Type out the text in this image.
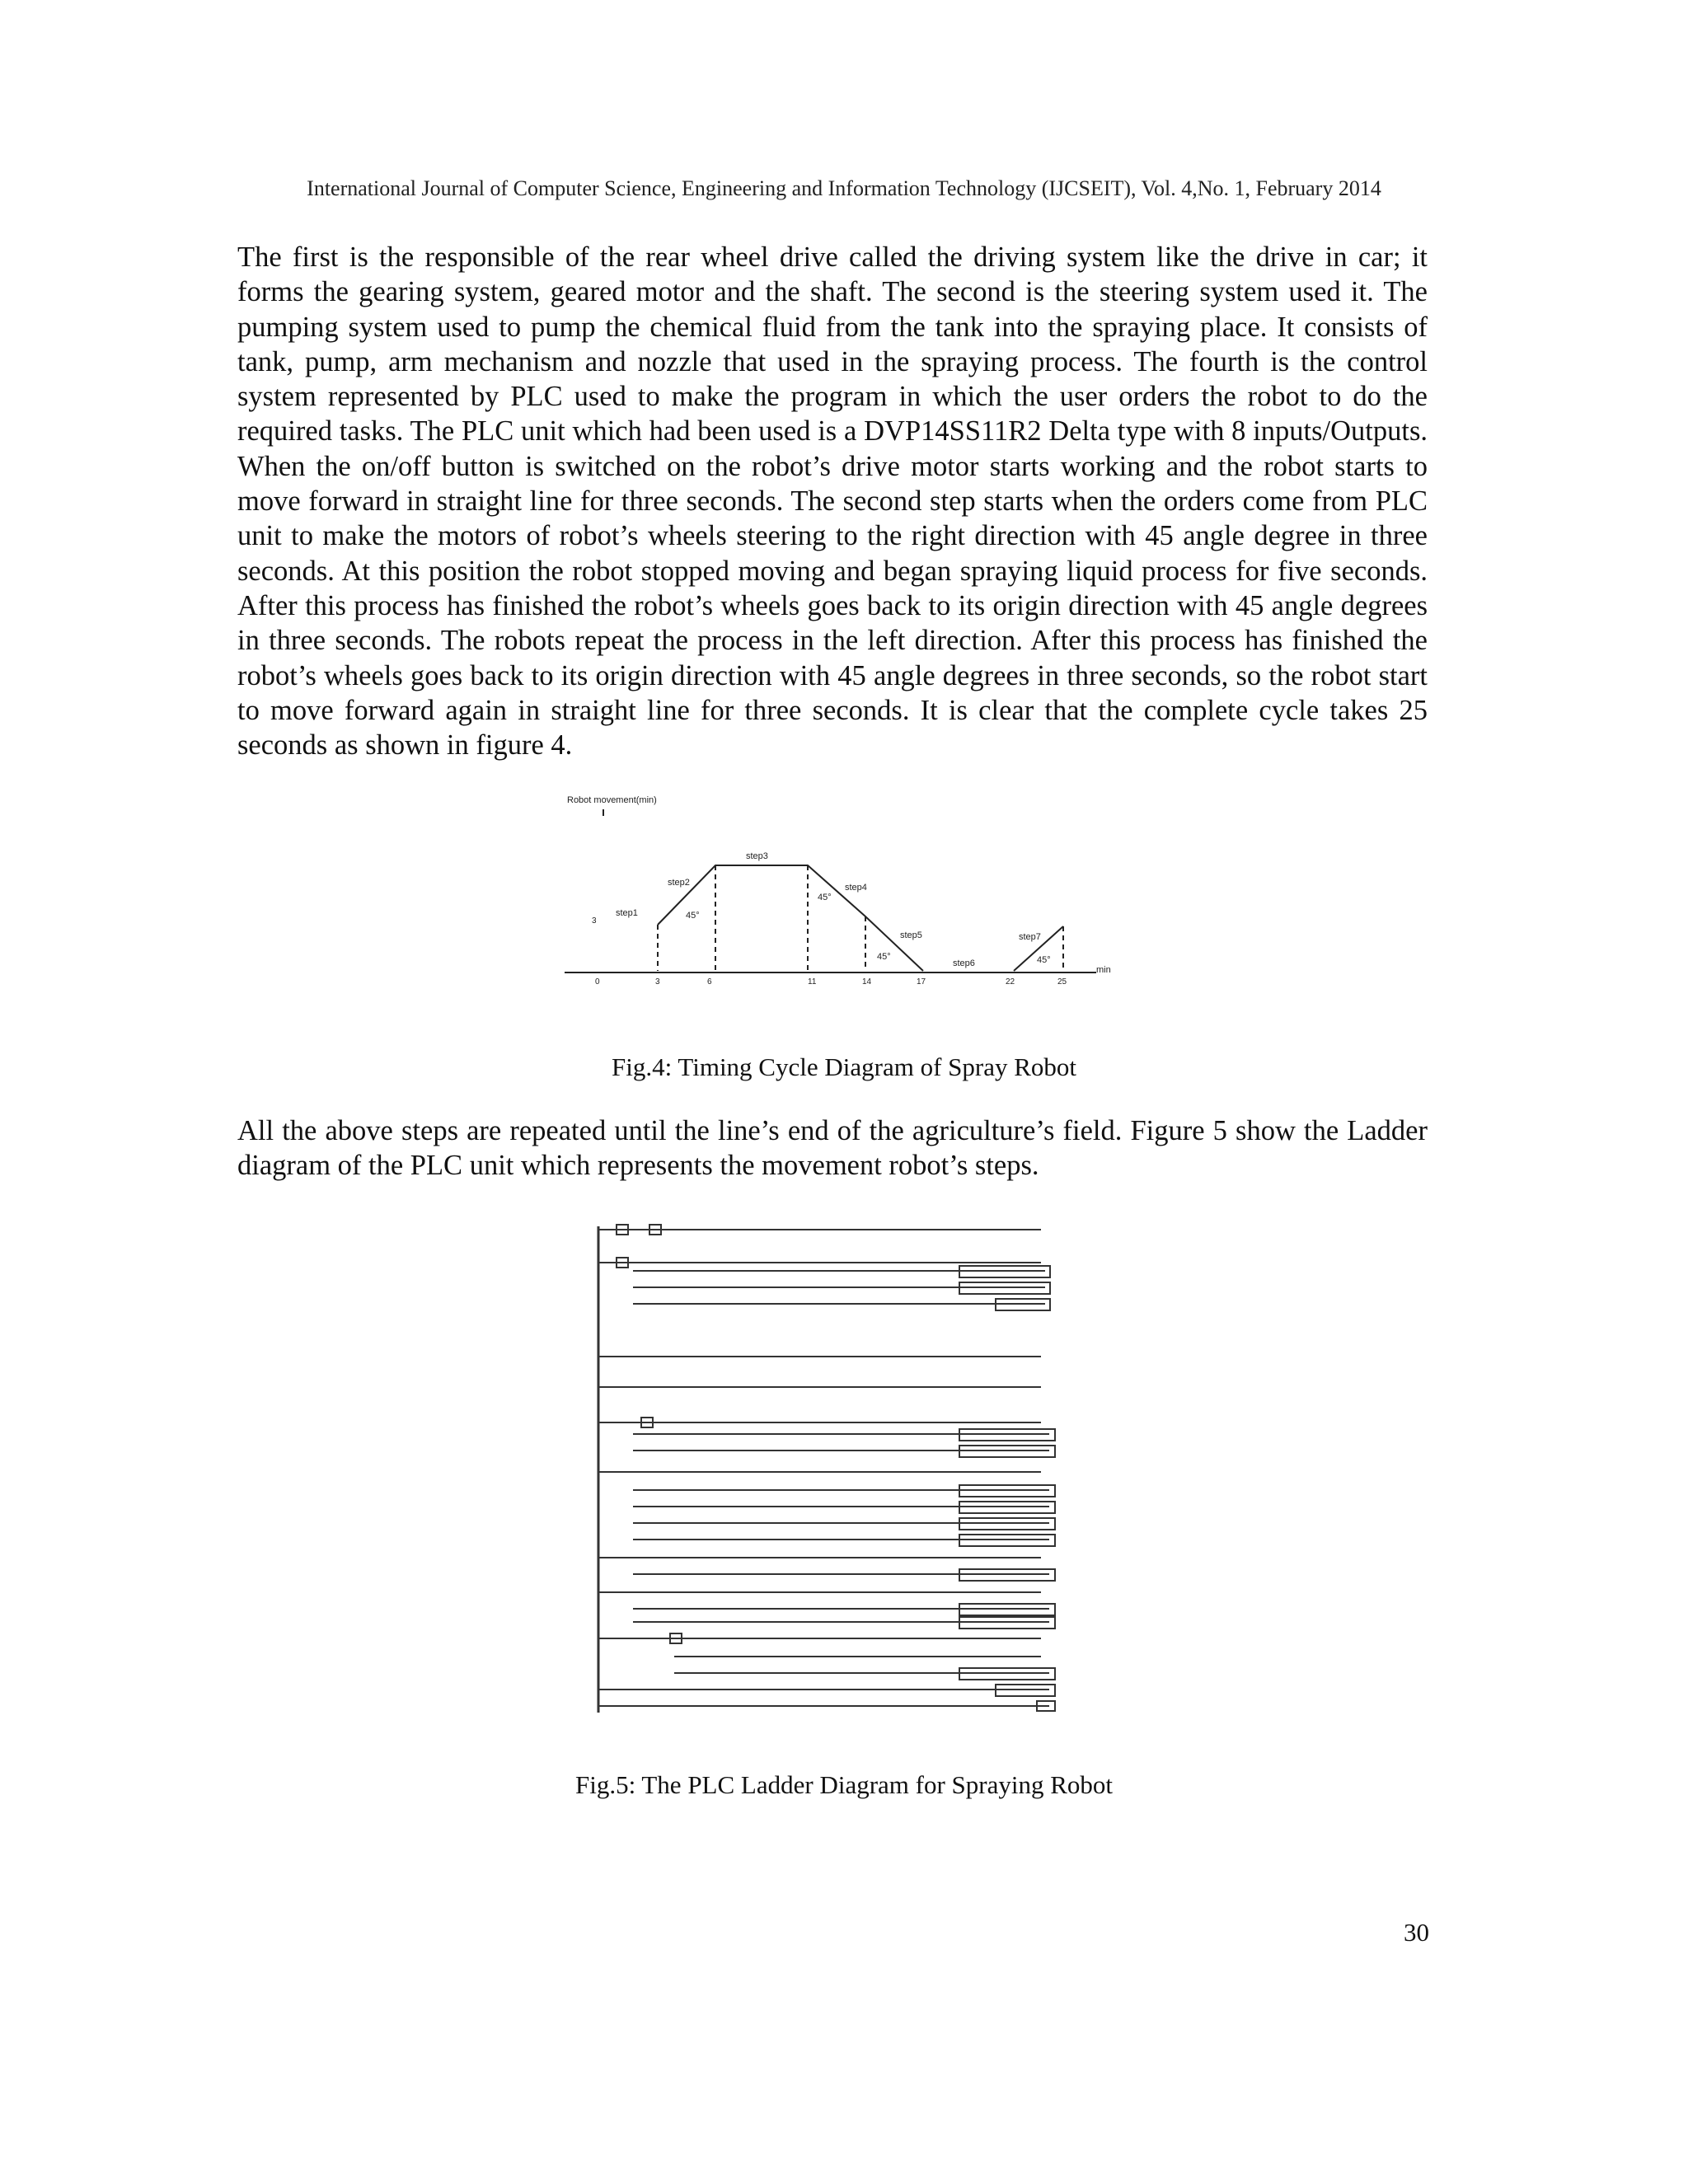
International Journal of Computer Science, Engineering and Information Technology (IJCSEIT), Vol. 4,No. 1, February 2014

The first is the responsible of the rear wheel drive called the driving system like the drive in car; it forms the gearing system, geared motor and the shaft. The second is the steering system used it. The pumping system used to pump the chemical fluid from the tank into the spraying place. It consists of tank, pump, arm mechanism and nozzle that used in the spraying process. The fourth is the control system represented by PLC used to make the program in which the user orders the robot to do the required tasks. The PLC unit which had been used is a DVP14SS11R2 Delta type with 8 inputs/Outputs. When the on/off button is switched on the robot’s drive motor starts working and the robot starts to move forward in straight line for three seconds. The second step starts when the orders come from PLC unit to make the motors of robot’s wheels steering to the right direction with 45 angle degree in three seconds. At this position the robot stopped moving and began spraying liquid process for five seconds. After this process has finished the robot’s wheels goes back to its origin direction with 45 angle degrees in three seconds. The robots repeat the process in the left direction. After this process has finished the robot’s wheels goes back to its origin direction with 45 angle degrees in three seconds, so the robot start to move forward again in straight line for three seconds. It is clear that the complete cycle takes 25 seconds as shown in figure 4.

Robot movement(min)
min
0	3	6	11	14	17	22	25
3
step1
step2
step3
step4
step5
step6
step7
45°
45°
45°	45°
Fig.4: Timing Cycle Diagram of Spray Robot

All the above steps are repeated until the line’s end of the agriculture’s field. Figure 5 show the Ladder diagram of the PLC unit which represents the movement robot’s steps.

Fig.5: The PLC Ladder Diagram for Spraying Robot
30
